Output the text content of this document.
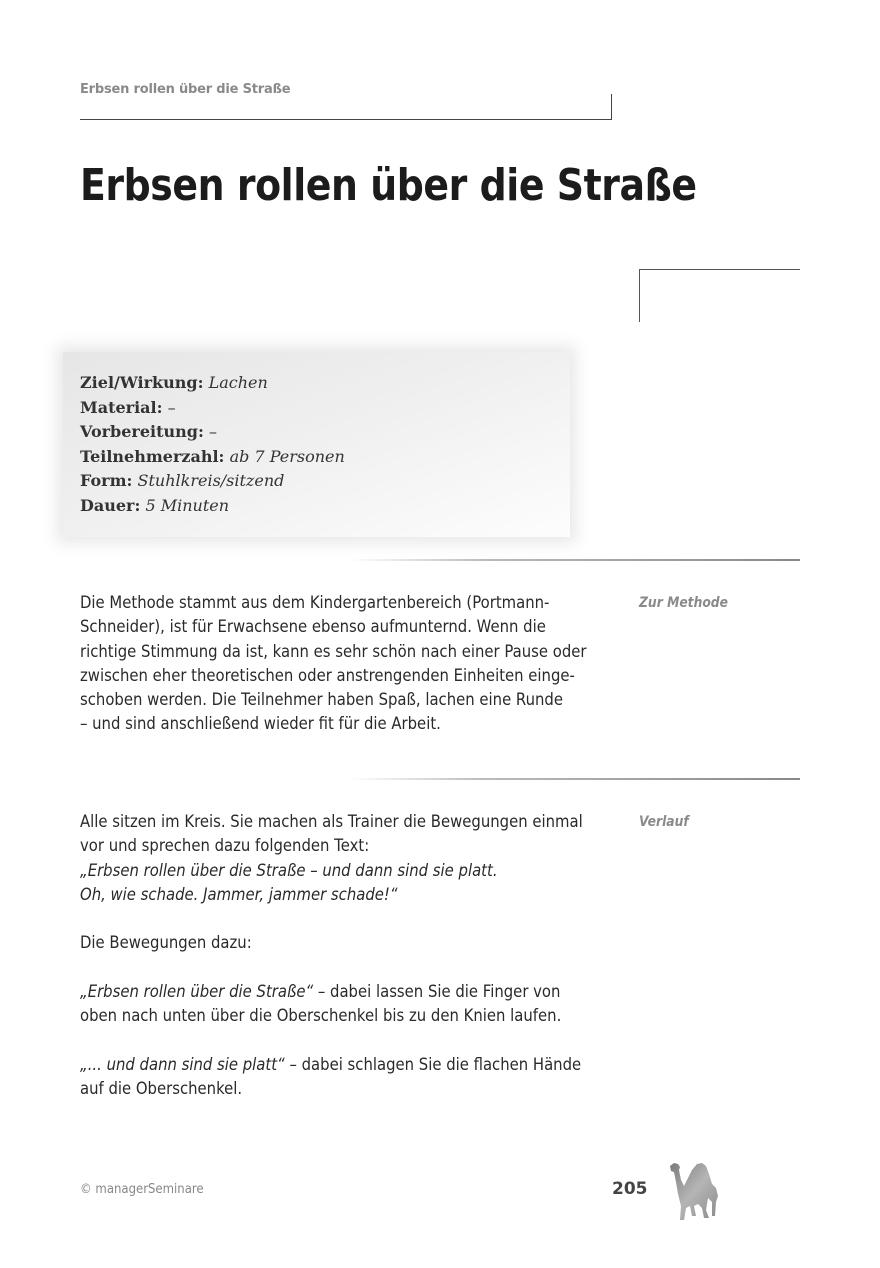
Erbsen rollen über die Straße
Erbsen rollen über die Straße
Ziel/Wirkung: Lachen
Material: –
Vorbereitung: –
Teilnehmerzahl: ab 7 Personen
Form: Stuhlkreis/sitzend
Dauer: 5 Minuten
Zur Methode

Die Methode stammt aus dem Kindergartenbereich (Portmann-

Schneider), ist für Erwachsene ebenso aufmunternd. Wenn die

richtige Stimmung da ist, kann es sehr schön nach einer Pause oder

zwischen eher theoretischen oder anstrengenden Einheiten einge-

schoben werden. Die Teilnehmer haben Spaß, lachen eine Runde

– und sind anschließend wieder fit für die Arbeit.

Verlauf

Alle sitzen im Kreis. Sie machen als Trainer die Bewegungen einmal

vor und sprechen dazu folgenden Text:

„Erbsen rollen über die Straße – und dann sind sie platt.

Oh, wie schade. Jammer, jammer schade!“

Die Bewegungen dazu:

„Erbsen rollen über die Straße“ – dabei lassen Sie die Finger von

oben nach unten über die Oberschenkel bis zu den Knien laufen.

„... und dann sind sie platt“ – dabei schlagen Sie die flachen Hände

auf die Oberschenkel.

© managerSeminare	205
